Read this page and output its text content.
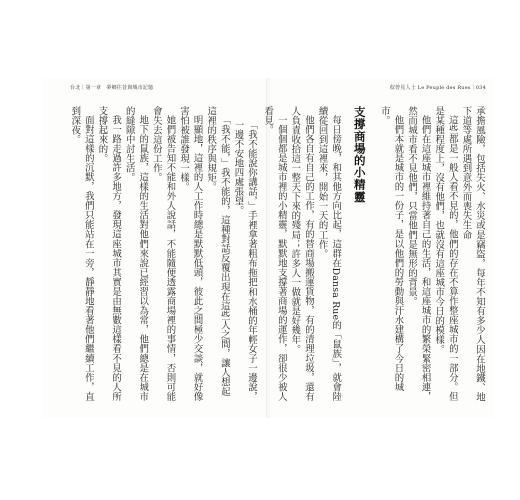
台北｜第一章　夢鄉往昔與城市記憶	似曾見人士 Le Peuple des Rues｜034

承擔風險，包括失火、水災或是竊盜，每年不知有多少人因在地鐵、地下道等處所遇到意外而喪失生命

這些都是一般人看不見的，他們的存在不算作整座城市的一部分。但是某種程度上，沒有他們，也就沒有這座城市今日的模樣。

他們在這座城市裡維持著自己的生活，和這座城市的繁榮緊密相連，然而城市看不見他們，只當他們是無形的背景。

他們本就是城市的一份子，是以他們的勞動與汗水建構了今日的城市。

支撐商場的小精靈

每日傍晚，和其他方向比起，這群在Dansa Rue的「鼠族」，就會陸續從回到這裡來，開始一天的工作。

他們各自有自己的工作，有的替商場搬運貨物，有的清理垃圾，還有人負責收拾這一整天下來的殘局；許多人一做就是好幾年。

一個個都是城市裡的小精靈，默默地支撐著商場的運作，卻很少被人看見。

「我不能說你講話，」手裡拿著粗布拖把和水桶的年輕女子一邊說，一邊不安地四處張望。

「我不能，」我不能的，這種對話反覆出現在這些人之間，讓人想起這裡的秩序與規矩。

明顯地，這裡的人工作時總是默默低頭，彼此之間極少交談，就好像害怕被誰發現一樣。

她們被告知不能和外人說話，不能隨便透露商場裡的事情，否則可能會失去這份工作。

地下的鼠族，這樣的生活對他們來說已經習以為常，他們總是在城市的縫隙中討生活。

我一路走過許多地方，發現這座城市其實是由無數這樣看不見的人所支撐起來的。

面對這樣的沉默，我們只能站在一旁，靜靜地看著他們繼續工作，直到深夜。
